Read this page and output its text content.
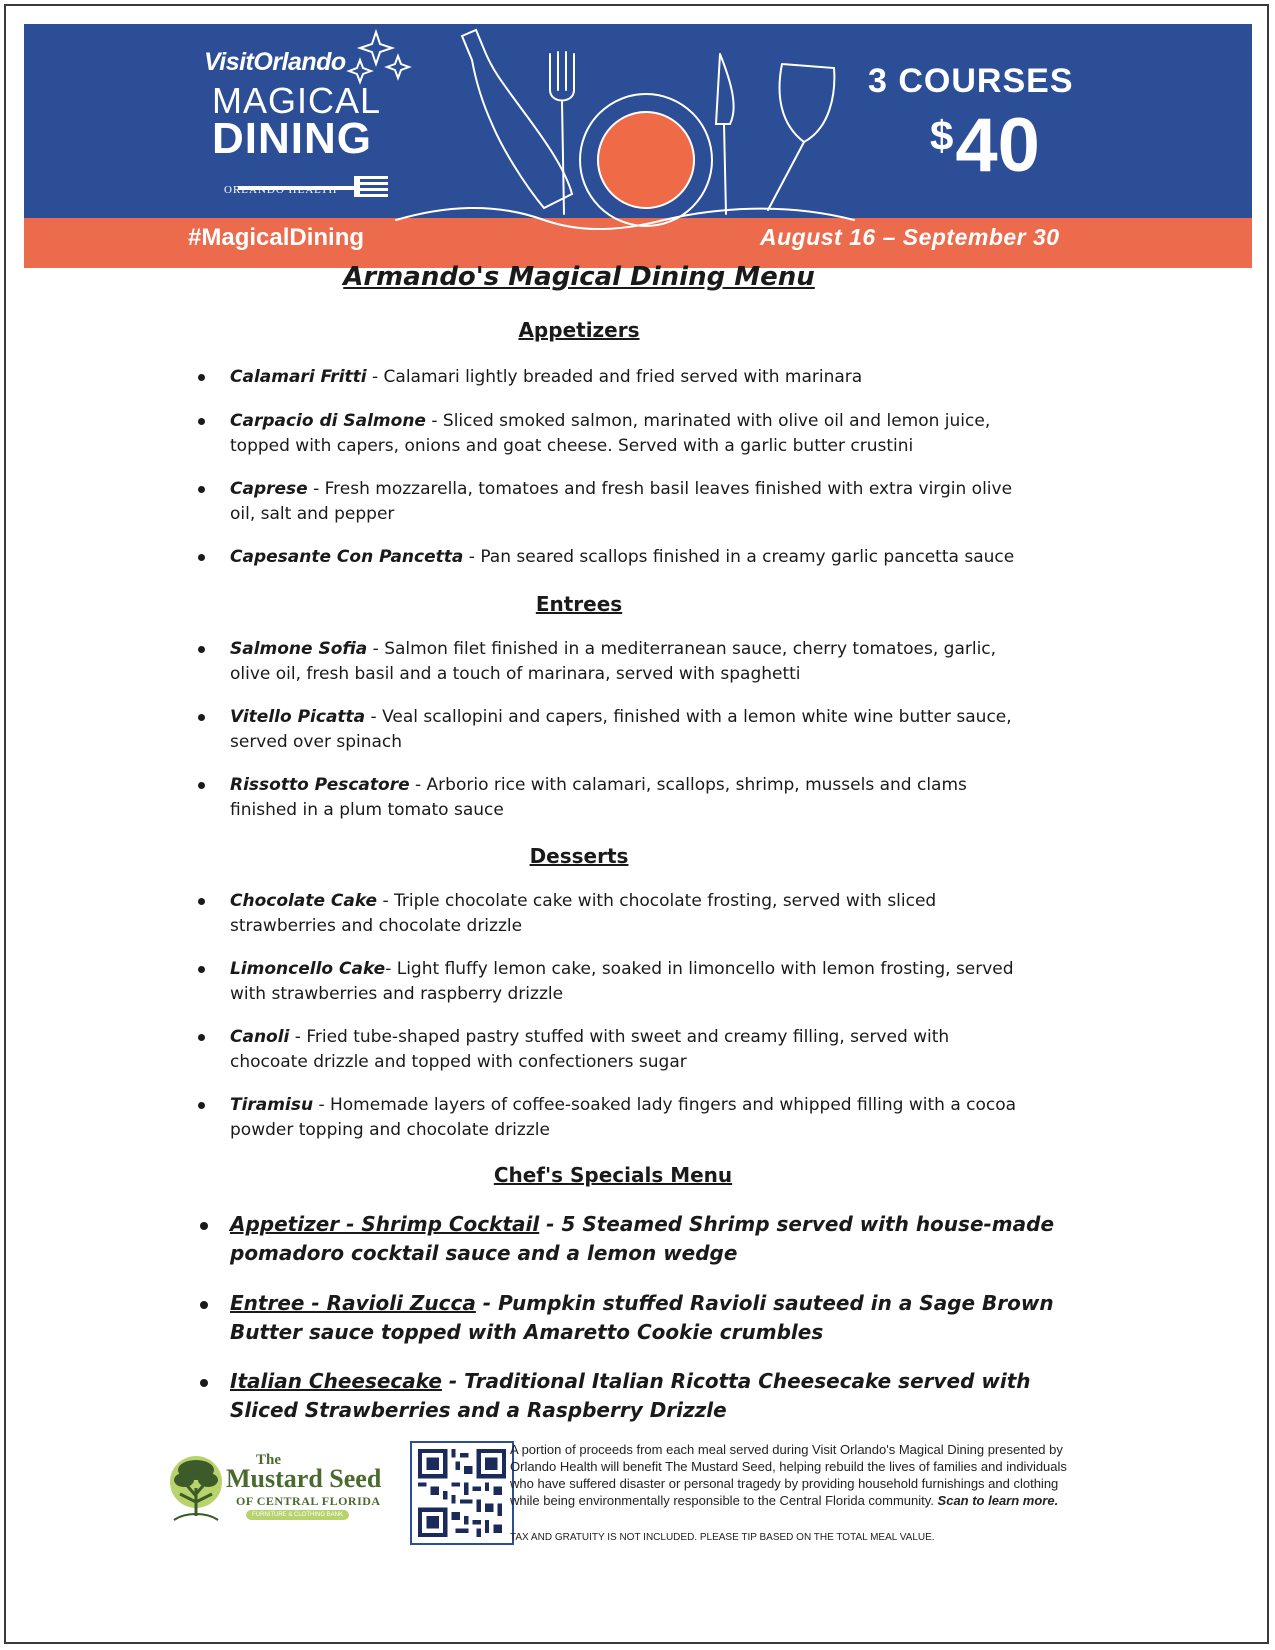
VisitOrlando
MAGICAL
DINING
ORLANDO HEALTH
3 COURSES
$40
#MagicalDining	August 16 – September 30
Armando's Magical Dining Menu
Appetizers
Calamari Fritti - Calamari lightly breaded and fried served with marinara
Carpacio di Salmone - Sliced smoked salmon, marinated with olive oil and lemon juice, topped with capers, onions and goat cheese. Served with a garlic butter crustini
Caprese - Fresh mozzarella, tomatoes and fresh basil leaves finished with extra virgin olive oil, salt and pepper
Capesante Con Pancetta - Pan seared scallops finished in a creamy garlic pancetta sauce
Entrees
Salmone Sofia - Salmon filet finished in a mediterranean sauce, cherry tomatoes, garlic, olive oil, fresh basil and a touch of marinara, served with spaghetti
Vitello Picatta - Veal scallopini and capers, finished with a lemon white wine butter sauce, served over spinach
Rissotto Pescatore - Arborio rice with calamari, scallops, shrimp, mussels and clams finished in a plum tomato sauce
Desserts
Chocolate Cake - Triple chocolate cake with chocolate frosting, served with sliced strawberries and chocolate drizzle
Limoncello Cake- Light fluffy lemon cake, soaked in limoncello with lemon frosting, served with strawberries and raspberry drizzle
Canoli - Fried tube-shaped pastry stuffed with sweet and creamy filling, served with chocoate drizzle and topped with confectioners sugar
Tiramisu - Homemade layers of coffee-soaked lady fingers and whipped filling with a cocoa powder topping and chocolate drizzle
Chef's Specials Menu
Appetizer - Shrimp Cocktail - 5 Steamed Shrimp served with house-made pomadoro cocktail sauce and a lemon wedge
Entree - Ravioli Zucca - Pumpkin stuffed Ravioli sauteed in a Sage Brown Butter sauce topped with Amaretto Cookie crumbles
Italian Cheesecake - Traditional Italian Ricotta Cheesecake served with Sliced Strawberries and a Raspberry Drizzle
The
Mustard Seed
OF CENTRAL FLORIDA
FURNITURE & CLOTHING BANK
A portion of proceeds from each meal served during Visit Orlando's Magical Dining presented by Orlando Health will benefit The Mustard Seed, helping rebuild the lives of families and individuals who have suffered disaster or personal tragedy by providing household furnishings and clothing while being environmentally responsible to the Central Florida community. Scan to learn more.
TAX AND GRATUITY IS NOT INCLUDED. PLEASE TIP BASED ON THE TOTAL MEAL VALUE.
